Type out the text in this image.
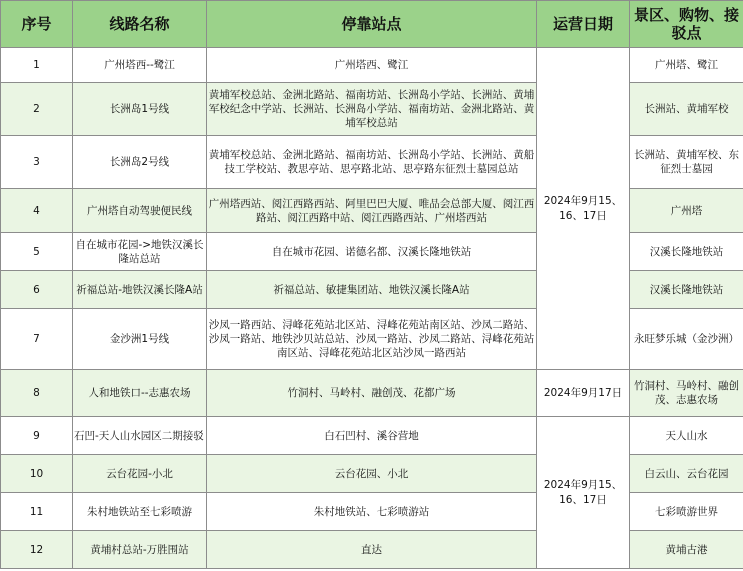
序号	线路名称	停靠站点	运营日期	景区、购物、接驳点
1	广州塔西--鹭江	广州塔西、鹭江	2024年9月15、16、17日	广州塔、鹭江
2	长洲岛1号线	黄埔军校总站、金洲北路站、福南坊站、长洲岛小学站、长洲站、黄埔军校纪念中学站、长洲站、长洲岛小学站、福南坊站、金洲北路站、黄埔军校总站		长洲站、黄埔军校
3	长洲岛2号线	黄埔军校总站、金洲北路站、福南坊站、长洲岛小学站、长洲站、黄船技工学校站、教思亭站、思亭路北站、思亭路东征烈士墓园总站		长洲站、黄埔军校、东征烈士墓园
4	广州塔自动驾驶便民线	广州塔西站、阅江西路西站、阿里巴巴大厦、唯品会总部大厦、阅江西路站、阅江西路中站、阅江西路西站、广州塔西站		广州塔
5	自在城市花园->地铁汉溪长隆站总站	自在城市花园、诺德名都、汉溪长隆地铁站		汉溪长隆地铁站
6	祈福总站-地铁汉溪长隆A站	祈福总站、敏捷集团站、地铁汉溪长隆A站		汉溪长隆地铁站
7	金沙洲1号线	沙凤一路西站、浔峰花苑站北区站、浔峰花苑站南区站、沙凤二路站、沙凤一路站、地铁沙贝站总站、沙凤一路站、沙凤二路站、浔峰花苑站南区站、浔峰花苑站北区站沙凤一路西站		永旺梦乐城（金沙洲）
8	人和地铁口--志惠农场	竹洞村、马岭村、融创茂、花都广场	2024年9月17日	竹洞村、马岭村、融创茂、志惠农场
9	石凹-天人山水园区二期接驳	白石凹村、溪谷营地	2024年9月15、16、17日	天人山水
10	云台花园-小北	云台花园、小北		白云山、云台花园
11	朱村地铁站至七彩喷游	朱村地铁站、七彩喷游站		七彩喷游世界
12	黄埔村总站-万胜围站	直达		黄埔古港
